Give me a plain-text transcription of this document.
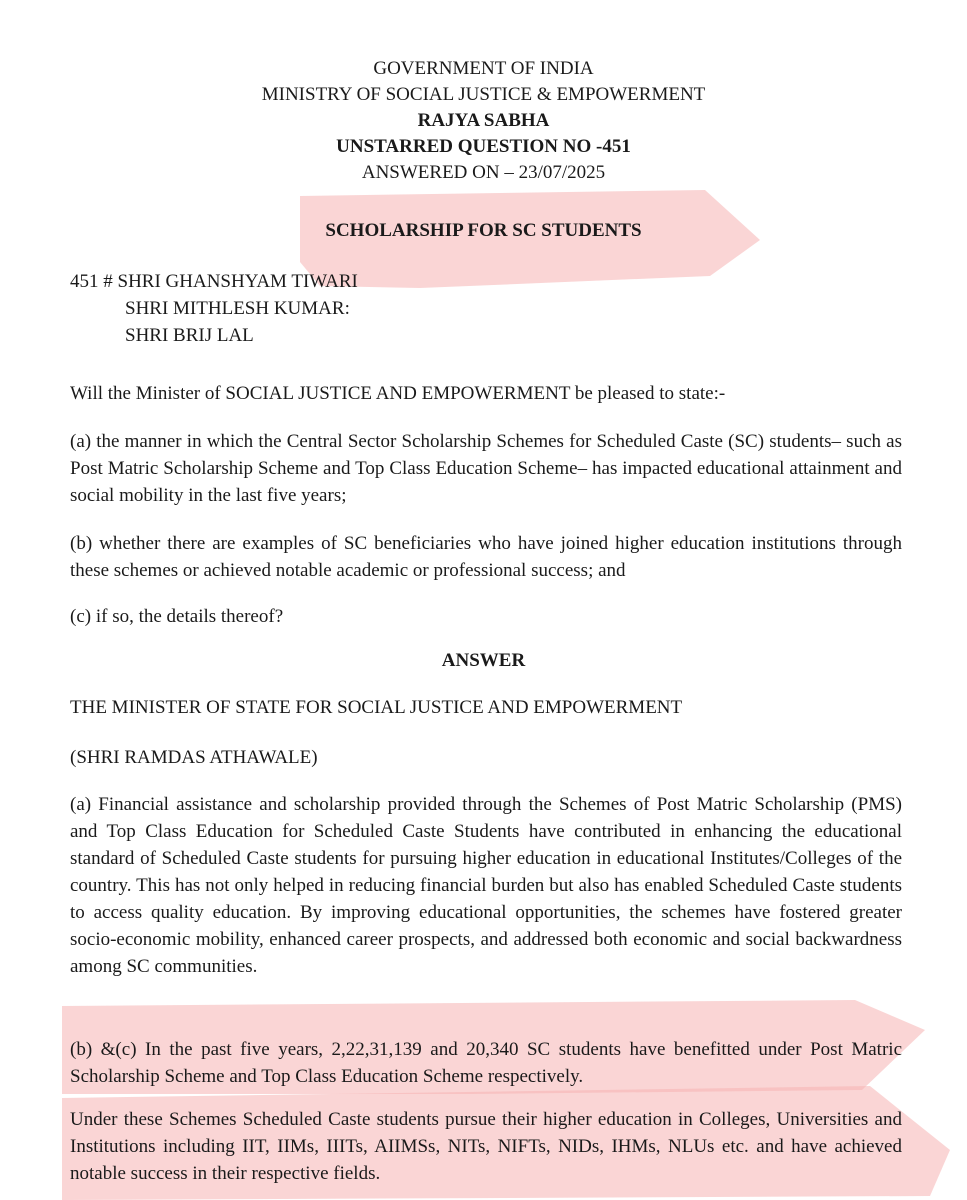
GOVERNMENT OF INDIA
MINISTRY OF SOCIAL JUSTICE & EMPOWERMENT
RAJYA SABHA
UNSTARRED QUESTION NO -451
ANSWERED ON – 23/07/2025
SCHOLARSHIP FOR SC STUDENTS
451 # SHRI GHANSHYAM TIWARI
SHRI MITHLESH KUMAR:
SHRI BRIJ LAL
Will the Minister of SOCIAL JUSTICE AND EMPOWERMENT be pleased to state:-
(a) the manner in which the Central Sector Scholarship Schemes for Scheduled Caste (SC) students– such as Post Matric Scholarship Scheme and Top Class Education Scheme– has impacted educational attainment and social mobility in the last five years;
(b) whether there are examples of SC beneficiaries who have joined higher education institutions through these schemes or achieved notable academic or professional success; and
(c) if so, the details thereof?
ANSWER
THE MINISTER OF STATE FOR SOCIAL JUSTICE AND EMPOWERMENT
(SHRI RAMDAS ATHAWALE)
(a) Financial assistance and scholarship provided through the Schemes of Post Matric Scholarship (PMS) and Top Class Education for Scheduled Caste Students have contributed in enhancing the educational standard of Scheduled Caste students for pursuing higher education in educational Institutes/Colleges of the country. This has not only helped in reducing financial burden but also has enabled Scheduled Caste students to access quality education. By improving educational opportunities, the schemes have fostered greater socio-economic mobility, enhanced career prospects, and addressed both economic and social backwardness among SC communities.
(b) &(c) In the past five years, 2,22,31,139 and 20,340 SC students have benefitted under Post Matric Scholarship Scheme and Top Class Education Scheme respectively.
Under these Schemes Scheduled Caste students pursue their higher education in Colleges, Universities and Institutions including IIT, IIMs, IIITs, AIIMSs, NITs, NIFTs, NIDs, IHMs, NLUs etc. and have achieved notable success in their respective fields.
